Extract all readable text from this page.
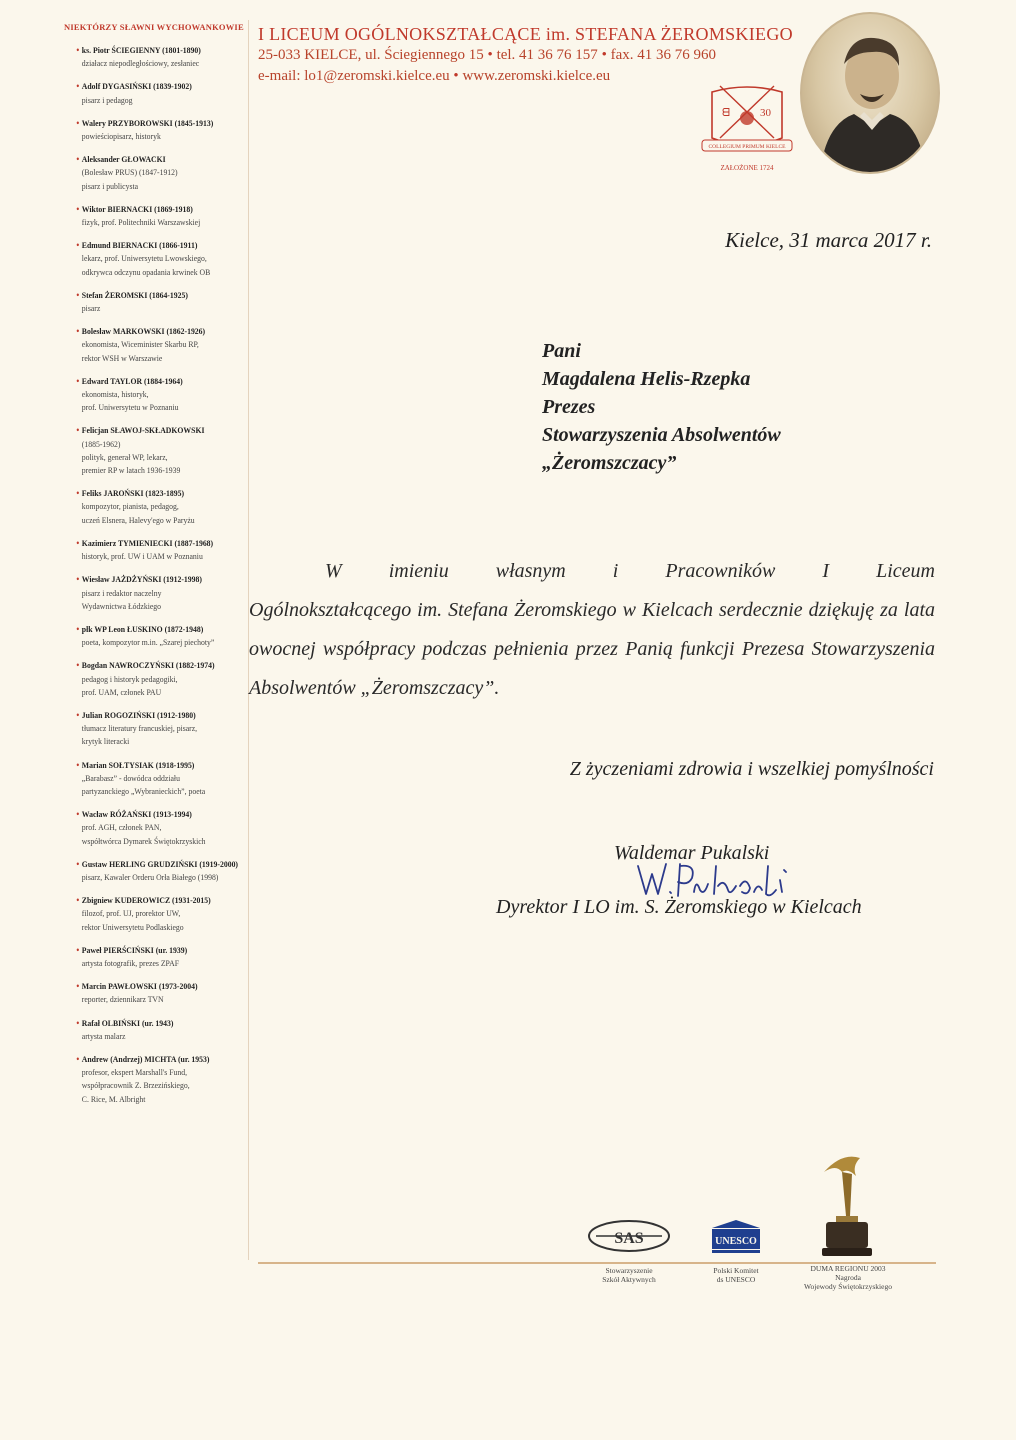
NIEKTÓRZY SŁAWNI WYCHOWANKOWIE
• ks. Piotr ŚCIEGIENNY (1801-1890)
działacz niepodległościowy, zesłaniec
• Adolf DYGASIŃSKI (1839-1902)
pisarz i pedagog
• Walery PRZYBOROWSKI (1845-1913)
powieściopisarz, historyk
• Aleksander GŁOWACKI
(Bolesław PRUS) (1847-1912)
pisarz i publicysta
• Wiktor BIERNACKI (1869-1918)
fizyk, prof. Politechniki Warszawskiej
• Edmund BIERNACKI (1866-1911)
lekarz, prof. Uniwersytetu Lwowskiego,
odkrywca odczynu opadania krwinek OB
• Stefan ŻEROMSKI (1864-1925)
pisarz
• Bolesław MARKOWSKI (1862-1926)
ekonomista, Wiceminister Skarbu RP,
rektor WSH w Warszawie
• Edward TAYLOR (1884-1964)
ekonomista, historyk,
prof. Uniwersytetu w Poznaniu
• Felicjan SŁAWOJ-SKŁADKOWSKI
(1885-1962)
polityk, generał WP, lekarz,
premier RP w latach 1936-1939
• Feliks JAROŃSKI (1823-1895)
kompozytor, pianista, pedagog,
uczeń Elsnera, Halevy'ego w Paryżu
• Kazimierz TYMIENIECKI (1887-1968)
historyk, prof. UW i UAM w Poznaniu
• Wiesław JAŻDŻYŃSKI (1912-1998)
pisarz i redaktor naczelny
Wydawnictwa Łódzkiego
• płk WP Leon ŁUSKINO (1872-1948)
poeta, kompozytor m.in. „Szarej piechoty”
• Bogdan NAWROCZYŃSKI (1882-1974)
pedagog i historyk pedagogiki,
prof. UAM, członek PAU
• Julian ROGOZIŃSKI (1912-1980)
tłumacz literatury francuskiej, pisarz,
krytyk literacki
• Marian SOŁTYSIAK (1918-1995)
„Barabasz” - dowódca oddziału
partyzanckiego „Wybranieckich”, poeta
• Wacław RÓŻAŃSKI (1913-1994)
prof. AGH, członek PAN,
współtwórca Dymarek Świętokrzyskich
• Gustaw HERLING GRUDZIŃSKI (1919-2000)
pisarz, Kawaler Orderu Orła Białego (1998)
• Zbigniew KUDEROWICZ (1931-2015)
filozof, prof. UJ, prorektor UW,
rektor Uniwersytetu Podlaskiego
• Paweł PIERŚCIŃSKI (ur. 1939)
artysta fotografik, prezes ZPAF
• Marcin PAWŁOWSKI (1973-2004)
reporter, dziennikarz TVN
• Rafał OLBIŃSKI (ur. 1943)
artysta malarz
• Andrew (Andrzej) MICHTA (ur. 1953)
profesor, ekspert Marshall's Fund,
współpracownik Z. Brzezińskiego,
C. Rice, M. Albright
I LICEUM OGÓLNOKSZTAŁCĄCE im. STEFANA ŻEROMSKIEGO
25-033 KIELCE, ul. Ściegiennego 15 • tel. 41 36 76 157 • fax. 41 36 76 960
e-mail: lo1@zeromski.kielce.eu • www.zeromski.kielce.eu
ᗺ	30
COLLEGIUM PRIMUM KIELCE
ZAŁOŻONE 1724
Kielce, 31 marca 2017 r.
Pani
Magdalena Helis-Rzepka
Prezes
Stowarzyszenia Absolwentów
„Żeromszczacy”
W imieniu własnym i Pracowników I Liceum
Ogólnokształcącego im. Stefana Żeromskiego w Kielcach serdecznie dziękuję za lata owocnej współpracy podczas pełnienia przez Panią funkcji Prezesa Stowarzyszenia Absolwentów „Żeromszczacy”.
Z życzeniami zdrowia i wszelkiej pomyślności
Waldemar Pukalski
Dyrektor I LO im. S. Żeromskiego w Kielcach
SAS
Stowarzyszenie
Szkół Aktywnych
UNESCO
Polski Komitet
ds UNESCO
DUMA REGIONU 2003
Nagroda
Wojewody Świętokrzyskiego
